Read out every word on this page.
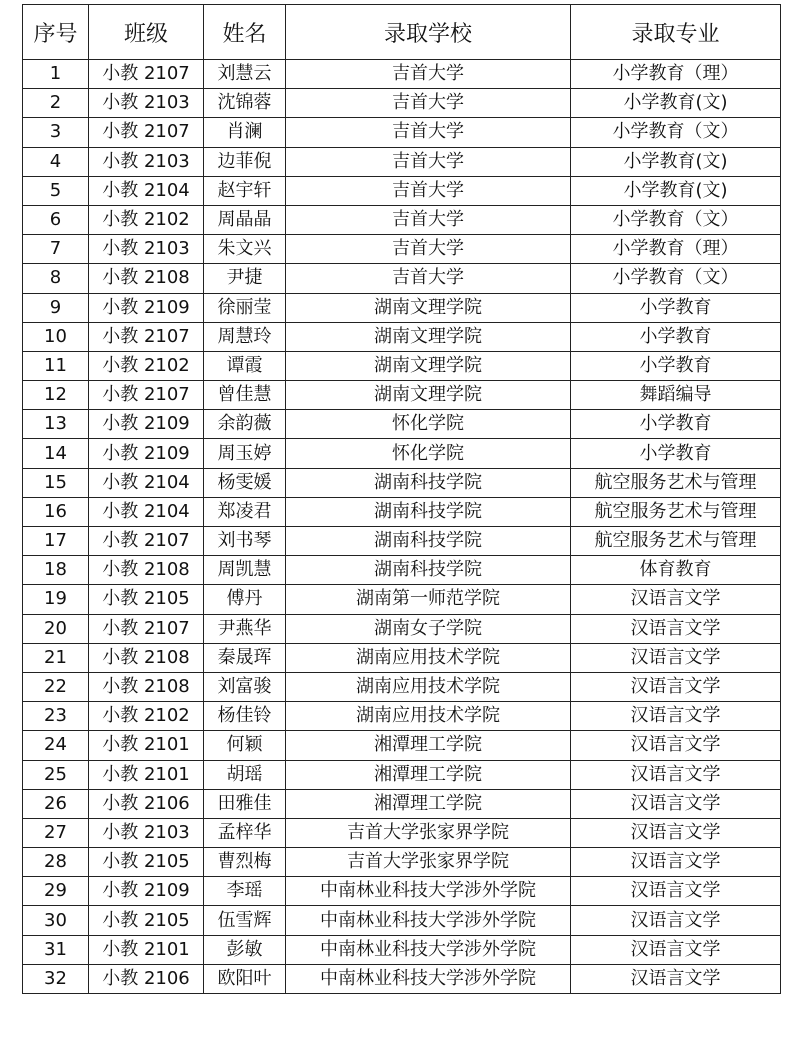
序号	班级	姓名	录取学校	录取专业
1	小教 2107	刘慧云	吉首大学	小学教育（理）
2	小教 2103	沈锦蓉	吉首大学	小学教育(文)
3	小教 2107	肖澜	吉首大学	小学教育（文）
4	小教 2103	边菲倪	吉首大学	小学教育(文)
5	小教 2104	赵宇轩	吉首大学	小学教育(文)
6	小教 2102	周晶晶	吉首大学	小学教育（文）
7	小教 2103	朱文兴	吉首大学	小学教育（理）
8	小教 2108	尹捷	吉首大学	小学教育（文）
9	小教 2109	徐丽莹	湖南文理学院	小学教育
10	小教 2107	周慧玲	湖南文理学院	小学教育
11	小教 2102	谭霞	湖南文理学院	小学教育
12	小教 2107	曾佳慧	湖南文理学院	舞蹈编导
13	小教 2109	余韵薇	怀化学院	小学教育
14	小教 2109	周玉婷	怀化学院	小学教育
15	小教 2104	杨雯媛	湖南科技学院	航空服务艺术与管理
16	小教 2104	郑凌君	湖南科技学院	航空服务艺术与管理
17	小教 2107	刘书琴	湖南科技学院	航空服务艺术与管理
18	小教 2108	周凯慧	湖南科技学院	体育教育
19	小教 2105	傅丹	湖南第一师范学院	汉语言文学
20	小教 2107	尹燕华	湖南女子学院	汉语言文学
21	小教 2108	秦晟珲	湖南应用技术学院	汉语言文学
22	小教 2108	刘富骏	湖南应用技术学院	汉语言文学
23	小教 2102	杨佳铃	湖南应用技术学院	汉语言文学
24	小教 2101	何颖	湘潭理工学院	汉语言文学
25	小教 2101	胡瑶	湘潭理工学院	汉语言文学
26	小教 2106	田雅佳	湘潭理工学院	汉语言文学
27	小教 2103	孟梓华	吉首大学张家界学院	汉语言文学
28	小教 2105	曹烈梅	吉首大学张家界学院	汉语言文学
29	小教 2109	李瑶	中南林业科技大学涉外学院	汉语言文学
30	小教 2105	伍雪辉	中南林业科技大学涉外学院	汉语言文学
31	小教 2101	彭敏	中南林业科技大学涉外学院	汉语言文学
32	小教 2106	欧阳叶	中南林业科技大学涉外学院	汉语言文学
